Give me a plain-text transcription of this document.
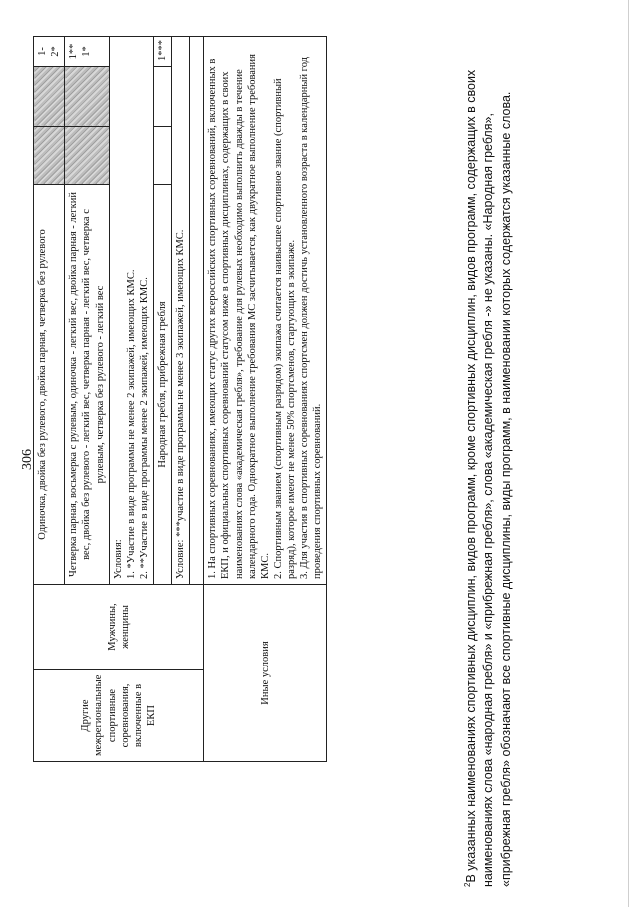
306
Другие межрегиональные спортивные соревнования, включенные в ЕКП	Мужчины, женщины	Одиночка, двойка без рулевого, двойка парная, четверка без рулевого			1-2*
		Четверка парная, восьмерка с рулевым, одиночка - легкий вес, двойка парная - легкий вес, двойка без рулевого - легкий вес, четверка парная - легкий вес, четверка с рулевым, четверка без рулевого - легкий вес			1** 1*

		Условия: 1. *Участие в виде программы не менее 2 экипажей, имеющих КМС. 2. **Участие в виде программы менее 2 экипажей, имеющих КМС.			

		Народная гребля, прибрежная гребля			1***
		Условие: ***участие в виде программы не менее 3 экипажей, имеющих КМС.			

Иные условия		1. На спортивных соревнованиях, имеющих статус других всероссийских спортивных соревнований, включенных в ЕКП, и официальных спортивных соревнований статусом ниже в спортивных дисциплинах, содержащих в своих наименованиях слова «академическая гребля», требование для рулевых необходимо выполнить дважды в течение календарного года. Однократное выполнение требования МС засчитывается, как двукратное выполнение требования КМС. 2. Спортивным званием (спортивным разрядом) экипажа считается наивысшее спортивное звание (спортивный разряд), которое имеют не менее 50% спортсменов, стартующих в экипаже. 3. Для участия в спортивных соревнованиях спортсмен должен достичь установленного возраста в календарный год проведения спортивных соревнований.			
$^2$В указанных наименованиях спортивных дисциплин, видов программ, кроме спортивных дисциплин, видов программ, содержащих в своих наименованиях слова «народная гребля» и «прибрежная гребля», слова «академическая гребля -» не указаны. «Народная гребля», «прибрежная гребля» обозначают все спортивные дисциплины, виды программ, в наименовании которых содержатся указанные слова.
